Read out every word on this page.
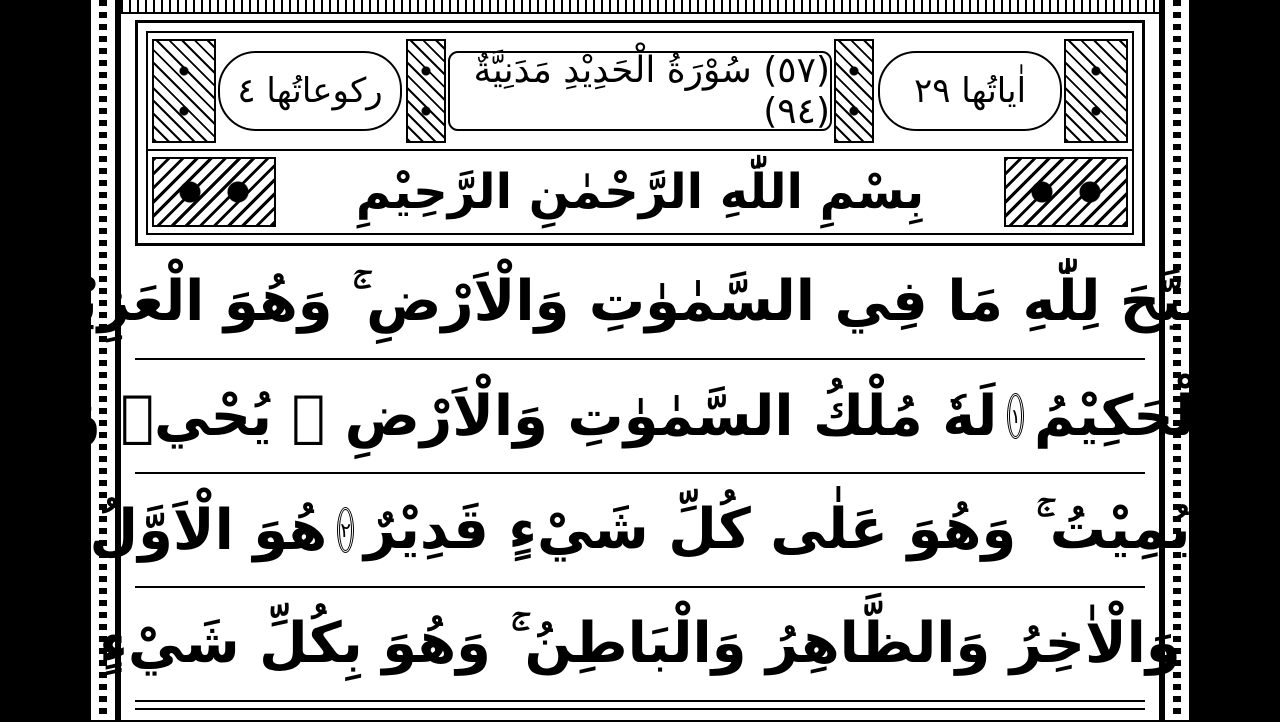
رکوعاتُھا ٤	(٥٧) سُوْرَةُ الْحَدِيْدِ مَدَنِيَّةٌ (٩٤)	اٰياتُها ٢٩
بِسْمِ اللّٰهِ الرَّحْمٰنِ الرَّحِيْمِ
سَبَّحَ لِلّٰهِ مَا فِي السَّمٰوٰتِ وَالْاَرْضِ ۚ وَهُوَ الْعَزِيْزُ
الْحَكِيْمُ
١
لَهٗ مُلْكُ السَّمٰوٰتِ وَالْاَرْضِ ۚ يُحْيٖ وَ
يُمِيْتُ ۚ وَهُوَ عَلٰى كُلِّ شَيْءٍ قَدِيْرٌ
٢
هُوَ الْاَوَّلُ
وَالْاٰخِرُ وَالظَّاهِرُ وَالْبَاطِنُ ۚ وَهُوَ بِكُلِّ شَيْءٍ
